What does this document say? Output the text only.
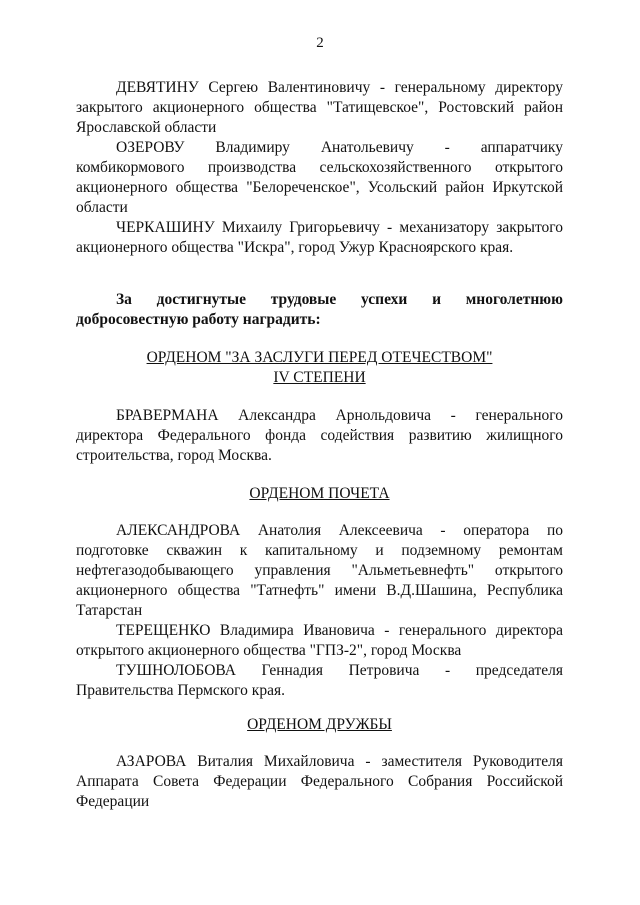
2

ДЕВЯТИНУ Сергею Валентиновичу - генеральному директору закрытого акционерного общества "Татищевское", Ростовский район Ярославской области

ОЗЕРОВУ Владимиру Анатольевичу - аппаратчику комбикормового производства сельскохозяйственного открытого акционерного общества "Белореченское", Усольский район Иркутской области

ЧЕРКАШИНУ Михаилу Григорьевичу - механизатору закрытого акционерного общества "Искра", город Ужур Красноярского края.

За достигнутые трудовые успехи и многолетнюю добросовестную работу наградить:

ОРДЕНОМ "ЗА ЗАСЛУГИ ПЕРЕД ОТЕЧЕСТВОМ"
IV СТЕПЕНИ

БРАВЕРМАНА Александра Арнольдовича - генерального директора Федерального фонда содействия развитию жилищного строительства, город Москва.

ОРДЕНОМ ПОЧЕТА

АЛЕКСАНДРОВА Анатолия Алексеевича - оператора по подготовке скважин к капитальному и подземному ремонтам нефтегазодобывающего управления "Альметьевнефть" открытого акционерного общества "Татнефть" имени В.Д.Шашина, Республика Татарстан

ТЕРЕЩЕНКО Владимира Ивановича - генерального директора открытого акционерного общества "ГПЗ-2", город Москва

ТУШНОЛОБОВА Геннадия Петровича - председателя Правительства Пермского края.

ОРДЕНОМ ДРУЖБЫ

АЗАРОВА Виталия Михайловича - заместителя Руководителя Аппарата Совета Федерации Федерального Собрания Российской Федерации
